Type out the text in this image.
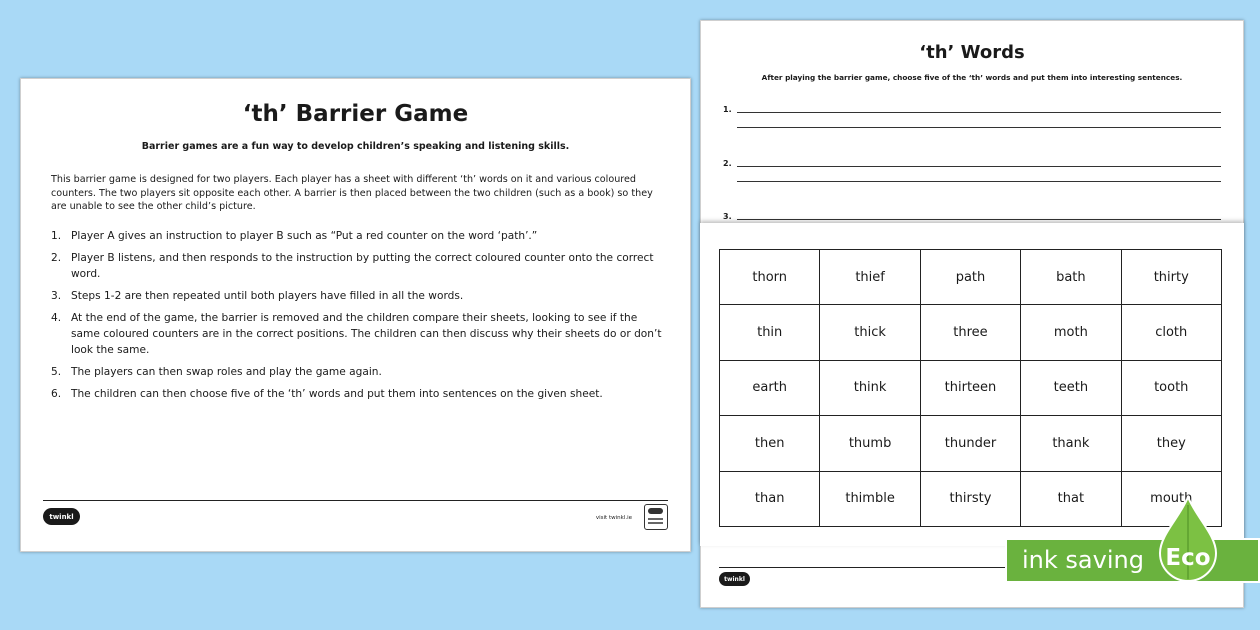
‘th’ Barrier Game
Barrier games are a fun way to develop children’s speaking and listening skills.
This barrier game is designed for two players. Each player has a sheet with different ‘th’ words on it and various coloured counters. The two players sit opposite each other. A barrier is then placed between the two children (such as a book) so they are unable to see the other child’s picture.
1. Player A gives an instruction to player B such as “Put a red counter on the word ‘path’.”
2. Player B listens, and then responds to the instruction by putting the correct coloured counter onto the correct word.
3. Steps 1-2 are then repeated until both players have filled in all the words.
4. At the end of the game, the barrier is removed and the children compare their sheets, looking to see if the same coloured counters are in the correct positions. The children can then discuss why their sheets do or don’t look the same.
5. The players can then swap roles and play the game again.
6. The children can then choose five of the ‘th’ words and put them into sentences on the given sheet.
twinkl	visit twinkl.ie
‘th’ Words
After playing the barrier game, choose five of the ‘th’ words and put them into interesting sentences.
1.
2.
3.
twinkl
thorn	thief	path	bath	thirty
thin	thick	three	moth	cloth
earth	think	thirteen	teeth	tooth
then	thumb	thunder	thank	they
than	thimble	thirsty	that	mouth
ink saving Eco
